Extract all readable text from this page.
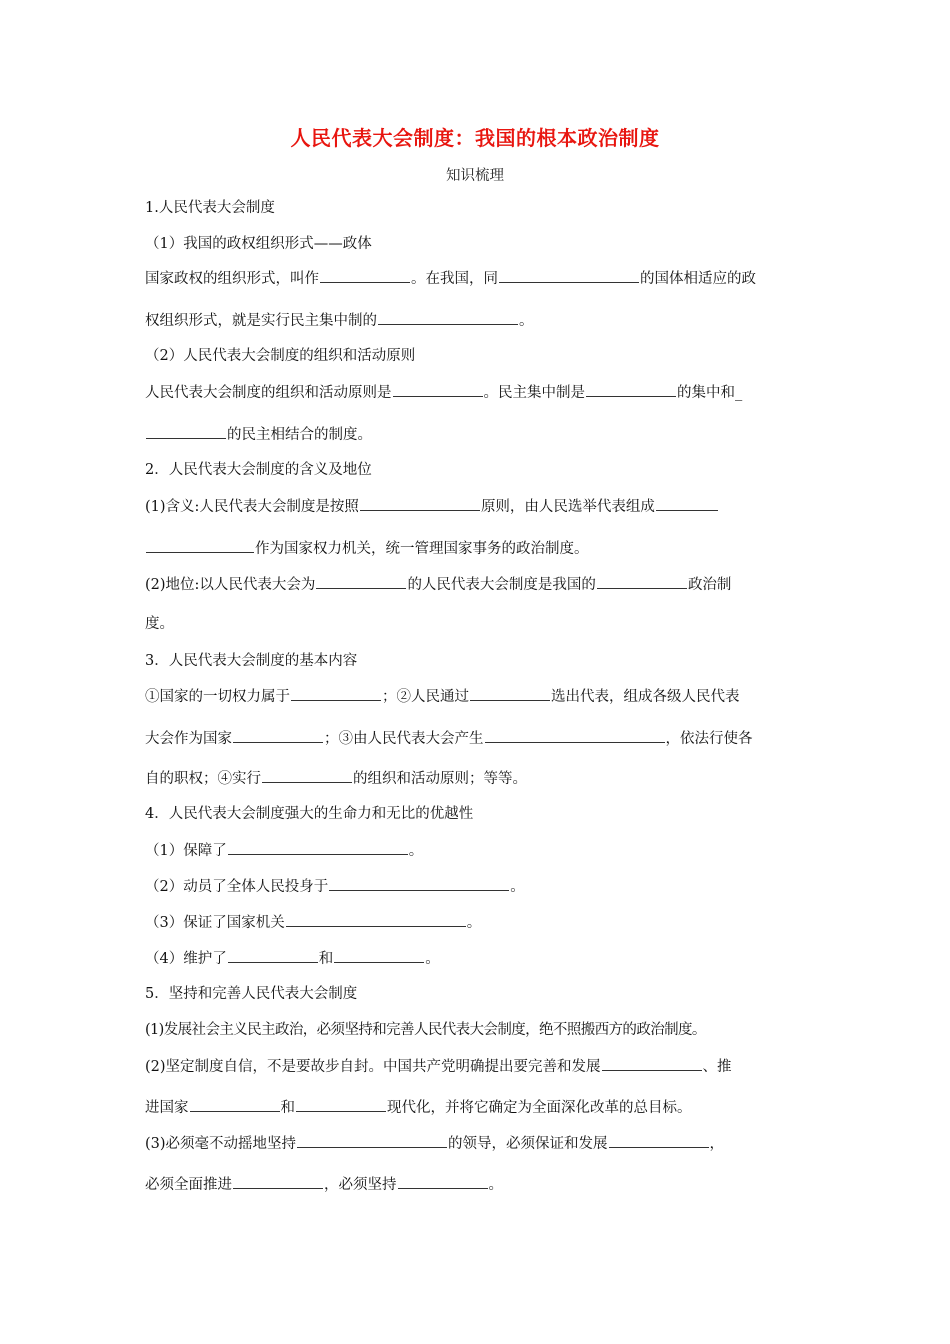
人民代表大会制度：我国的根本政治制度
知识梳理
1.人民代表大会制度
（1）我国的政权组织形式——政体
国家政权的组织形式，叫作	。在我国，同	的国体相适应的政
权组织形式，就是实行民主集中制的	。
（2）人民代表大会制度的组织和活动原则
人民代表大会制度的组织和活动原则是	。民主集中制是	的集中和_
的民主相结合的制度。
2．人民代表大会制度的含义及地位
(1)含义:人民代表大会制度是按照	原则，由人民选举代表组成
作为国家权力机关，统一管理国家事务的政治制度。
(2)地位:以人民代表大会为	的人民代表大会制度是我国的	政治制
度。
3．人民代表大会制度的基本内容
①国家的一切权力属于	；②人民通过	选出代表，组成各级人民代表
大会作为国家	；③由人民代表大会产生	，依法行使各
自的职权；④实行	的组织和活动原则；等等。
4．人民代表大会制度强大的生命力和无比的优越性
（1）保障了	。
（2）动员了全体人民投身于	。
（3）保证了国家机关	。
（4）维护了	和	。
5．坚持和完善人民代表大会制度
(1)发展社会主义民主政治，必须坚持和完善人民代表大会制度，绝不照搬西方的政治制度。
(2)坚定制度自信，不是要故步自封。中国共产党明确提出要完善和发展	、推
进国家	和	现代化，并将它确定为全面深化改革的总目标。
(3)必须毫不动摇地坚持	的领导，必须保证和发展	，
必须全面推进	，必须坚持	。
